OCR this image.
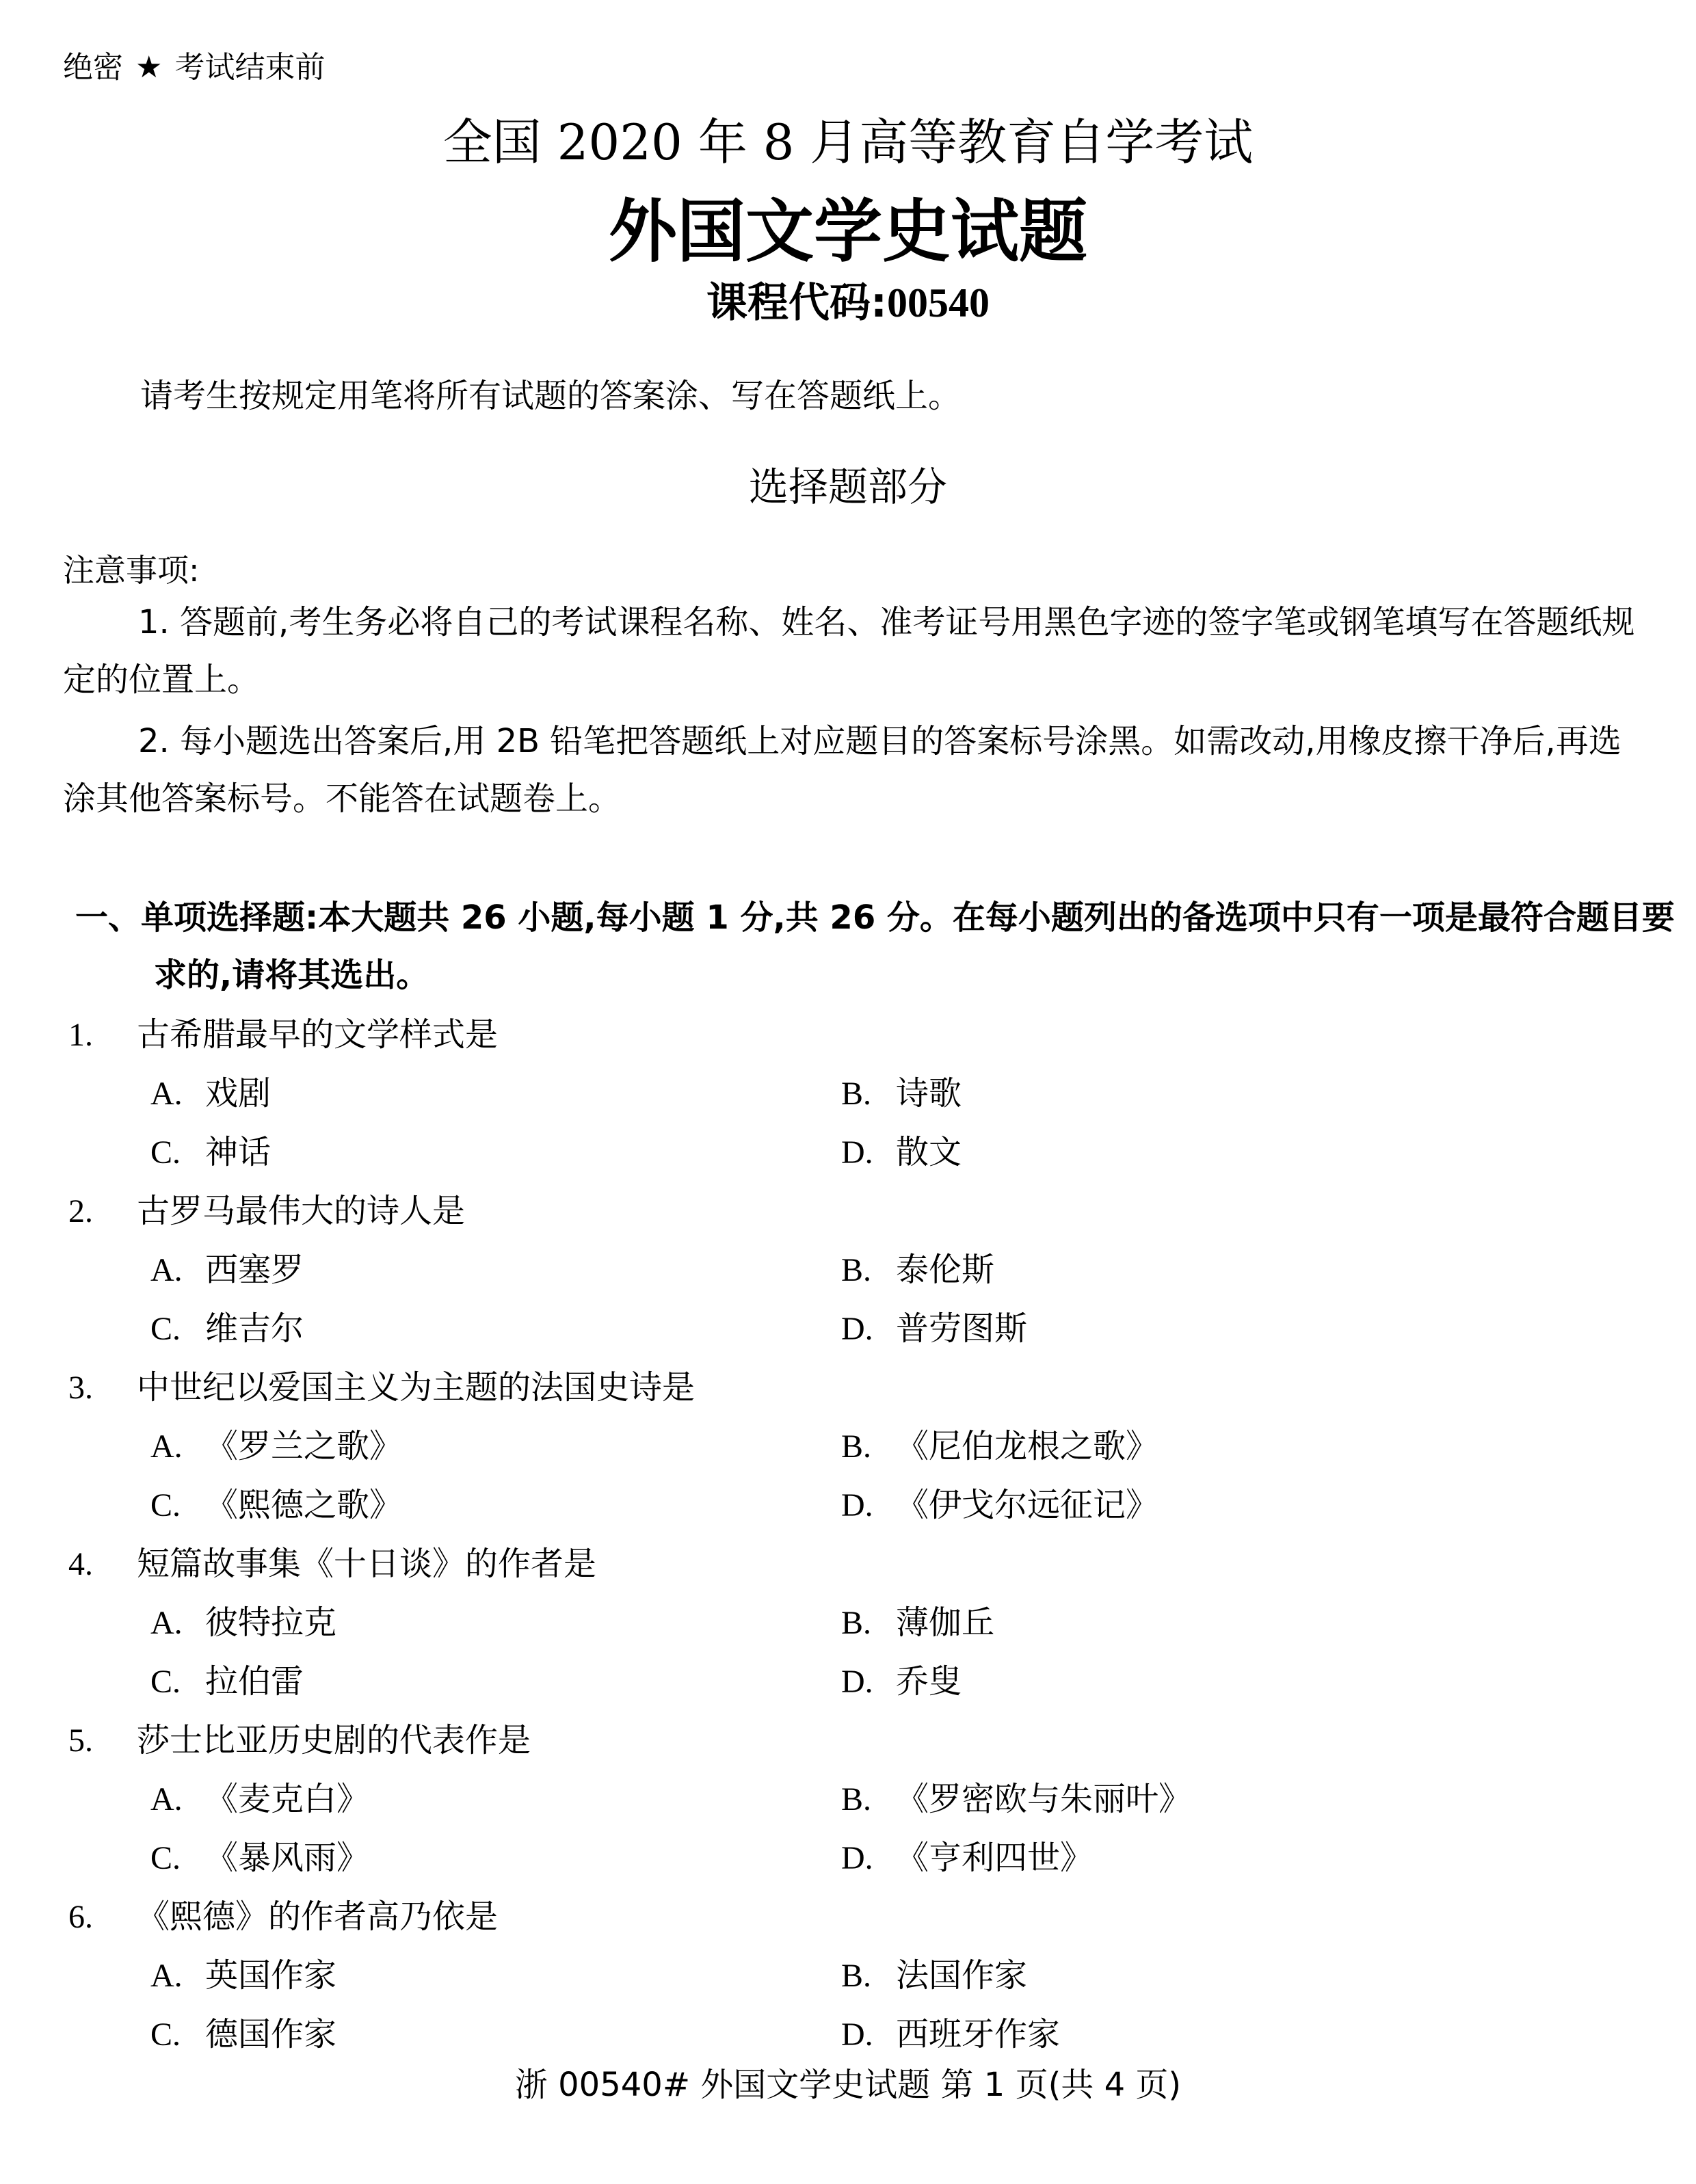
绝密 ★ 考试结束前
全国 2020 年 8 月高等教育自学考试
外国文学史试题
课程代码:00540
请考生按规定用笔将所有试题的答案涂、写在答题纸上。
选择题部分
注意事项:
1. 答题前,考生务必将自己的考试课程名称、姓名、准考证号用黑色字迹的签字笔或钢笔填写在答题纸规定的位置上。
2. 每小题选出答案后,用 2B 铅笔把答题纸上对应题目的答案标号涂黑。如需改动,用橡皮擦干净后,再选涂其他答案标号。不能答在试题卷上。
一、单项选择题:本大题共 26 小题,每小题 1 分,共 26 分。在每小题列出的备选项中只有一项是最符合题目要求的,请将其选出。
1. 古希腊最早的文学样式是
A. 戏剧	B. 诗歌
C. 神话	D. 散文
2. 古罗马最伟大的诗人是
A. 西塞罗	B. 泰伦斯
C. 维吉尔	D. 普劳图斯
3. 中世纪以爱国主义为主题的法国史诗是
A. 《罗兰之歌》	B. 《尼伯龙根之歌》
C. 《熙德之歌》	D. 《伊戈尔远征记》
4. 短篇故事集《十日谈》的作者是
A. 彼特拉克	B. 薄伽丘
C. 拉伯雷	D. 乔叟
5. 莎士比亚历史剧的代表作是
A. 《麦克白》	B. 《罗密欧与朱丽叶》
C. 《暴风雨》	D. 《亨利四世》
6. 《熙德》的作者高乃依是
A. 英国作家	B. 法国作家
C. 德国作家	D. 西班牙作家
浙 00540# 外国文学史试题 第 1 页(共 4 页)
